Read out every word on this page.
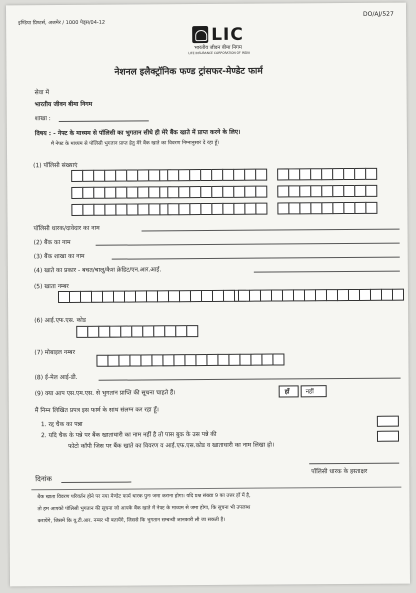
इण्डिया प्रिण्टर्स, अजमेर / 1000 पेड्स/04-12
DO/AJ/527
LIC
भारतीय जीवन बीमा निगम
LIFE INSURANCE CORPORATION OF INDIA
नेशनल इलैक्ट्रॉनिक फण्ड ट्रांसफर-मेण्डेट फार्म
सेवा में
भारतीय जीवन बीमा निगम
शाखा :
विषय : - नेफ्ट के माध्यम से पॉलिसी का भुगतान सीधे ही मेरे बैंक खाते में प्राप्त करने के लिए।
मैं नेफ्ट के माध्यम से पॉलिसी भुगतान प्राप्त हेतु मेरे बैंक खाते का विवरण निम्नानुसार दे रहा हूँ।
(1) पॉलिसी संख्याएं
पॉलिसी धारक/दावेदार का नाम
(2) बैंक का नाम
(3) बैंक शाखा का नाम
(4) खाते का प्रकार - बचत/चालू/कैश क्रेडिट/एन.आर.आई.
(5) खाता नम्बर
(6) आई.एफ.एस. कोड
(7) मोबाइल नम्बर
(8) ई-मेल आई-डी.
(9) क्या आप एस.एम.एस. से भुगतान प्राप्ति की सूचना चाहते हैं।	हाँ	नहीं
मैं निम्न लिखित प्रपत्र इस फार्म के साथ संलग्न कर रहा हूँ।
1. रद्द चैक का पन्ना
2. यदि चैक के पन्ने पर बैंक खाताधारी का नाम नहीं है तो पास बुक के उस पन्ने की
फोटो कॉपी जिस पर बैंक खाते का विवरण व आई.एफ.एस.कोड व खाताधारी का नाम लिखा हो।
दिनांक
पॉलिसी धारक के हस्ताक्षर
बैंक खाता विवरण परिवर्तन होने पर नया मेण्डेट फार्म धारक पुनः जमा कराना होगा। यदि प्रश्न संख्या 9 का उत्तर हाँ में है,
तो हम आपको पॉलिसी भुगतान की सूचना जो आपके बैंक खाते में नेफ्ट के माध्यम से जमा होगा, कि सूचना भी उपलब्ध
करायेंगे, जिसमें कि यू.टी.आर. नम्बर भी बतायेंगे, जिससे कि भुगतान सम्बन्धी जानकारी ली जा सकती है।
